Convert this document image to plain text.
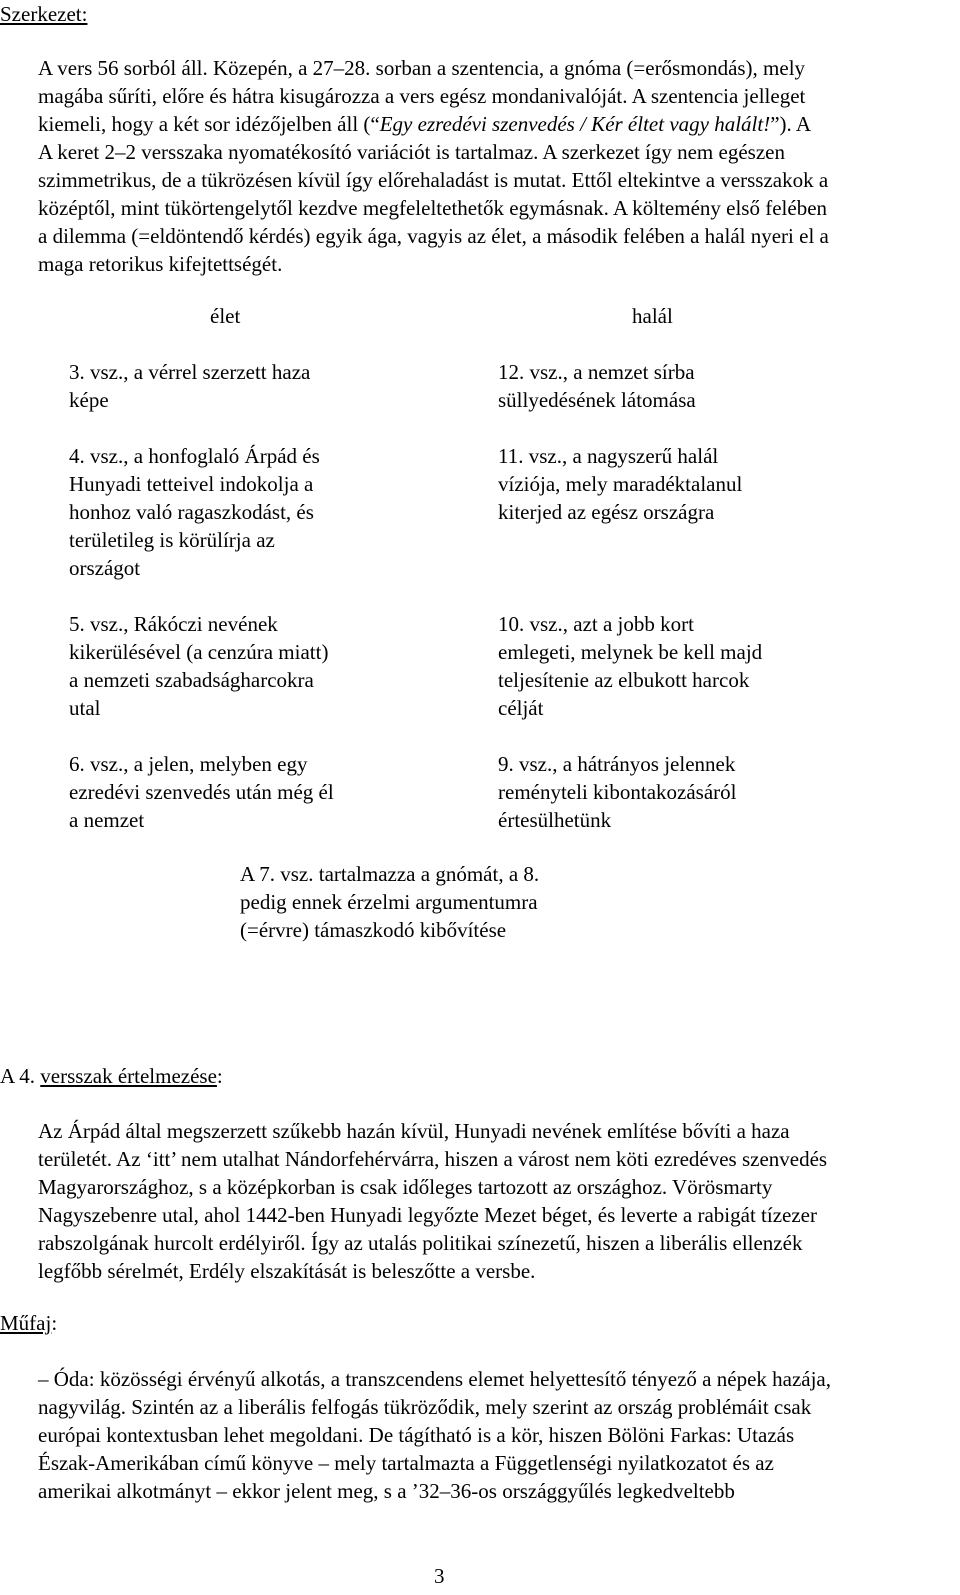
Szerkezet:

A vers 56 sorból áll. Közepén, a 27–28. sorban a szentencia, a gnóma (=erősmondás), mely

magába sűríti, előre és hátra kisugározza a vers egész mondanivalóját. A szentencia jelleget

kiemeli, hogy a két sor idézőjelben áll (“Egy ezredévi szenvedés / Kér éltet vagy halált!”). A

A keret 2–2 versszaka nyomatékosító variációt is tartalmaz. A szerkezet így nem egészen

szimmetrikus, de a tükrözésen kívül így előrehaladást is mutat. Ettől eltekintve a versszakok a

középtől, mint tükörtengelytől kezdve megfeleltethetők egymásnak. A költemény első felében

a dilemma (=eldöntendő kérdés) egyik ága, vagyis az élet, a második felében a halál nyeri el a

maga retorikus kifejtettségét.

élet	halál

3. vsz., a vérrel szerzett haza

képe

4. vsz., a honfoglaló Árpád és

Hunyadi tetteivel indokolja a

honhoz való ragaszkodást, és

területileg is körülírja az

országot

5. vsz., Rákóczi nevének

kikerülésével (a cenzúra miatt)

a nemzeti szabadságharcokra

utal

6. vsz., a jelen, melyben egy

ezredévi szenvedés után még él

a nemzet

12. vsz., a nemzet sírba

süllyedésének látomása

11. vsz., a nagyszerű halál

víziója, mely maradéktalanul

kiterjed az egész országra

10. vsz., azt a jobb kort

emlegeti, melynek be kell majd

teljesítenie az elbukott harcok

célját

9. vsz., a hátrányos jelennek

reményteli kibontakozásáról

értesülhetünk

A 7. vsz. tartalmazza a gnómát, a 8.

pedig ennek érzelmi argumentumra

(=érvre) támaszkodó kibővítése

A 4. versszak értelmezése:

Az Árpád által megszerzett szűkebb hazán kívül, Hunyadi nevének említése bővíti a haza

területét. Az ‘itt’ nem utalhat Nándorfehérvárra, hiszen a várost nem köti ezredéves szenvedés

Magyarországhoz, s a középkorban is csak időleges tartozott az országhoz. Vörösmarty

Nagyszebenre utal, ahol 1442-ben Hunyadi legyőzte Mezet béget, és leverte a rabigát tízezer

rabszolgának hurcolt erdélyiről. Így az utalás politikai színezetű, hiszen a liberális ellenzék

legfőbb sérelmét, Erdély elszakítását is beleszőtte a versbe.

Műfaj:

– Óda: közösségi érvényű alkotás, a transzcendens elemet helyettesítő tényező a népek hazája,

nagyvilág. Szintén az a liberális felfogás tükröződik, mely szerint az ország problémáit csak

európai kontextusban lehet megoldani. De tágítható is a kör, hiszen Bölöni Farkas: Utazás

Észak-Amerikában című könyve – mely tartalmazta a Függetlenségi nyilatkozatot és az

amerikai alkotmányt – ekkor jelent meg, s a ’32–36-os országgyűlés legkedveltebb

3
